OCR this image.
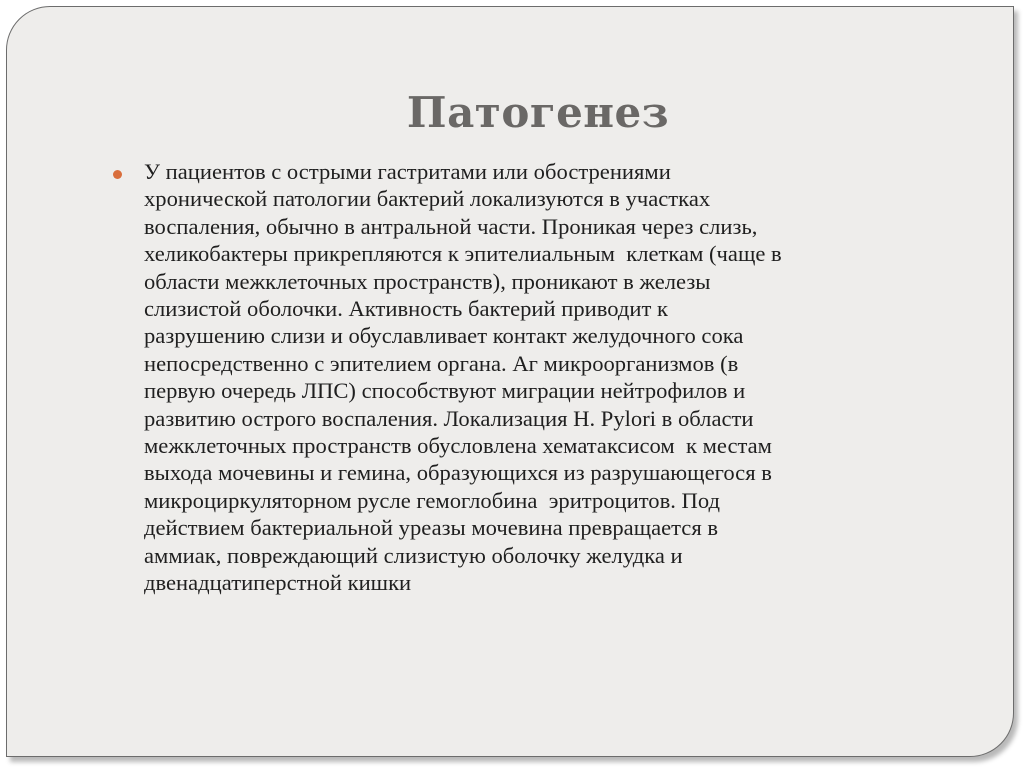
Патогенез

У пациентов с острыми гастритами или обострениями
хронической патологии бактерий локализуются в участках
воспаления, обычно в антральной части. Проникая через слизь,
хеликобактеры прикрепляются к эпителиальным  клеткам (чаще в
области межклеточных пространств), проникают в железы
слизистой оболочки. Активность бактерий приводит к
разрушению слизи и обуславливает контакт желудочного сока
непосредственно с эпителием органа. Аг микроорганизмов (в
первую очередь ЛПС) способствуют миграции нейтрофилов и
развитию острого воспаления. Локализация H. Pylori в области
межклеточных пространств обусловлена хематаксисом  к местам
выхода мочевины и гемина, образующихся из разрушающегося в
микроциркуляторном русле гемоглобина  эритроцитов. Под
действием бактериальной уреазы мочевина превращается в
аммиак, повреждающий слизистую оболочку желудка и
двенадцатиперстной кишки
